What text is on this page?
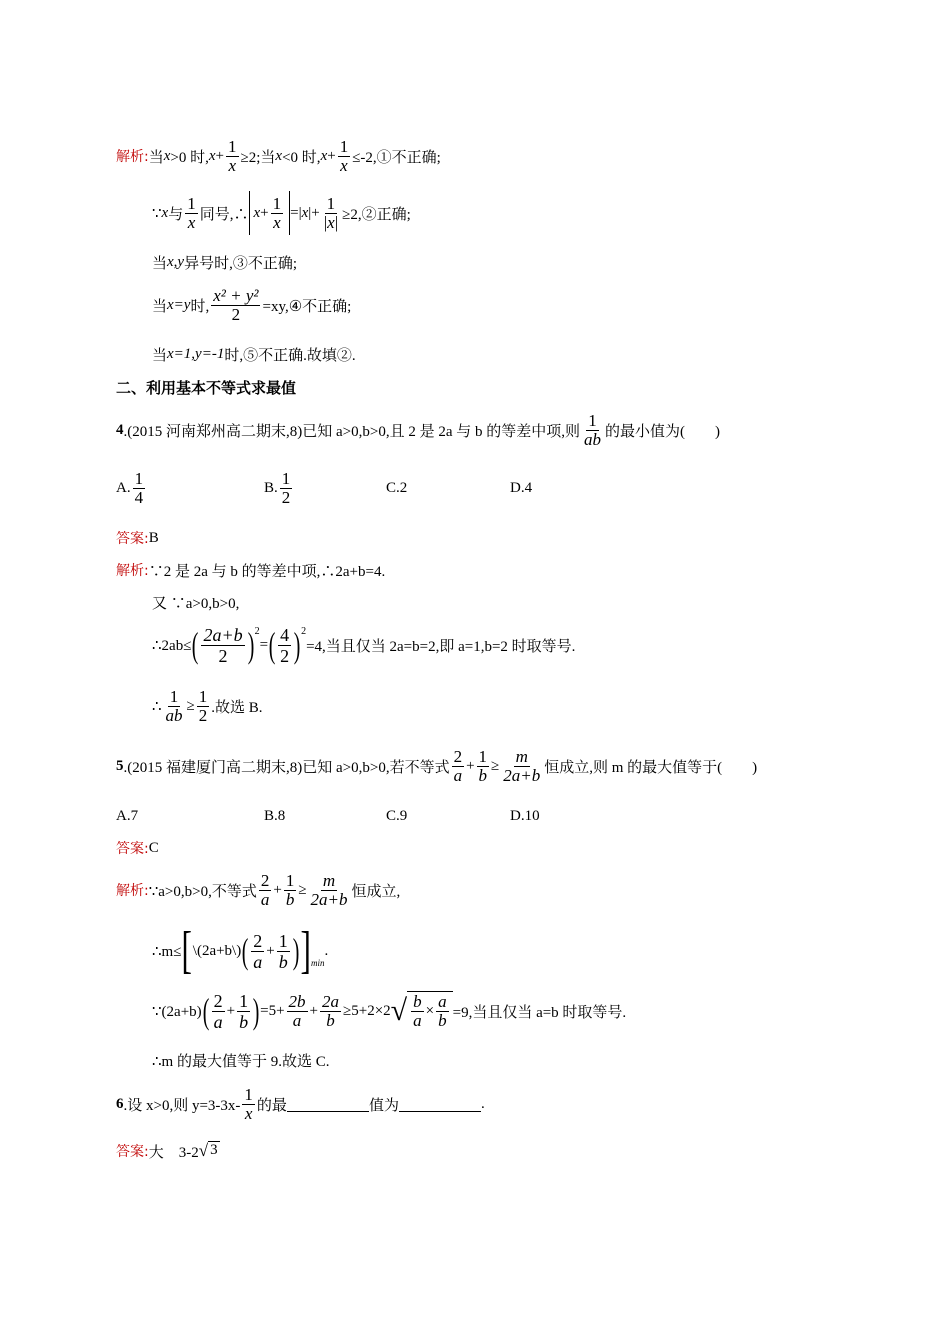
解析: 当 x >0 时, $x + \frac{1}{x} \ge 2$;当 x <0 时, $x + \frac{1}{x}$ ≤-2,①不正确;
∵ x 与 $\frac{1}{x}$ 同号,∴ $x + \frac{1}{x}$ =| x |+ $\frac{1}{|x|}$ ≥2,②正确;
当 x,y 异号时,③不正确;
当 x=y 时, $\frac{\text{x² + y²}}{2}$ =xy,④不正确;
当 x=1,y=-1 时,⑤不正确.故填②.
二、利用基本不等式求最值
4 .(2015 河南郑州高二期末,8)已知 a>0,b>0,且 2 是 2a 与 b 的等差中项,则 $\frac{1}{ab}$ 的最小值为(　　)
A. $\frac{1}{4}$	B. $\frac{1}{2}$	C.2	D.4
答案: B
解析: ∵2 是 2a 与 b 的等差中项,∴2a+b=4.
又 ∵a>0,b>0,
∴2ab≤ ( $\frac{2a+b}{2}$ ) 2
= ( $\frac{4}{2}$ ) 2
=4,当且仅当 2a=b=2,即 a=1,b=2 时取等号.
∴ $\frac{1}{ab} \ge \frac{1}{2}$ .故选 B.
5 .(2015 福建厦门高二期末,8)已知 a>0,b>0,若不等式 $\frac{2}{a} + \frac{1}{b} \ge \frac{m}{2a+b}$ 恒成立,则 m 的最大值等于(　　)
A.7	B.8	C.9	D.10
答案: C
解析: ∵a>0,b>0,不等式 $\frac{2}{a} + \frac{1}{b} \ge \frac{m}{2a+b}$ 恒成立,
∴m≤ [ \(2a+b\) ( $\frac{2}{a} + \frac{1}{b}$ ) ] min
.
∵(2a+b) ( $\frac{2}{a} + \frac{1}{b}$ ) $=5+ \frac{2b}{a} + \frac{2a}{b} \ge 5+2\times 2$ √ $\frac{b}{a} \times \frac{a}{b} =9$,当且仅当 a=b 时取等号.
∴m 的最大值等于 9.故选 C.
6 .设 x>0,则 $y=3-3x- \frac{1}{x}$ 的最	值为	.
答案: 大　3-2 √ 3
